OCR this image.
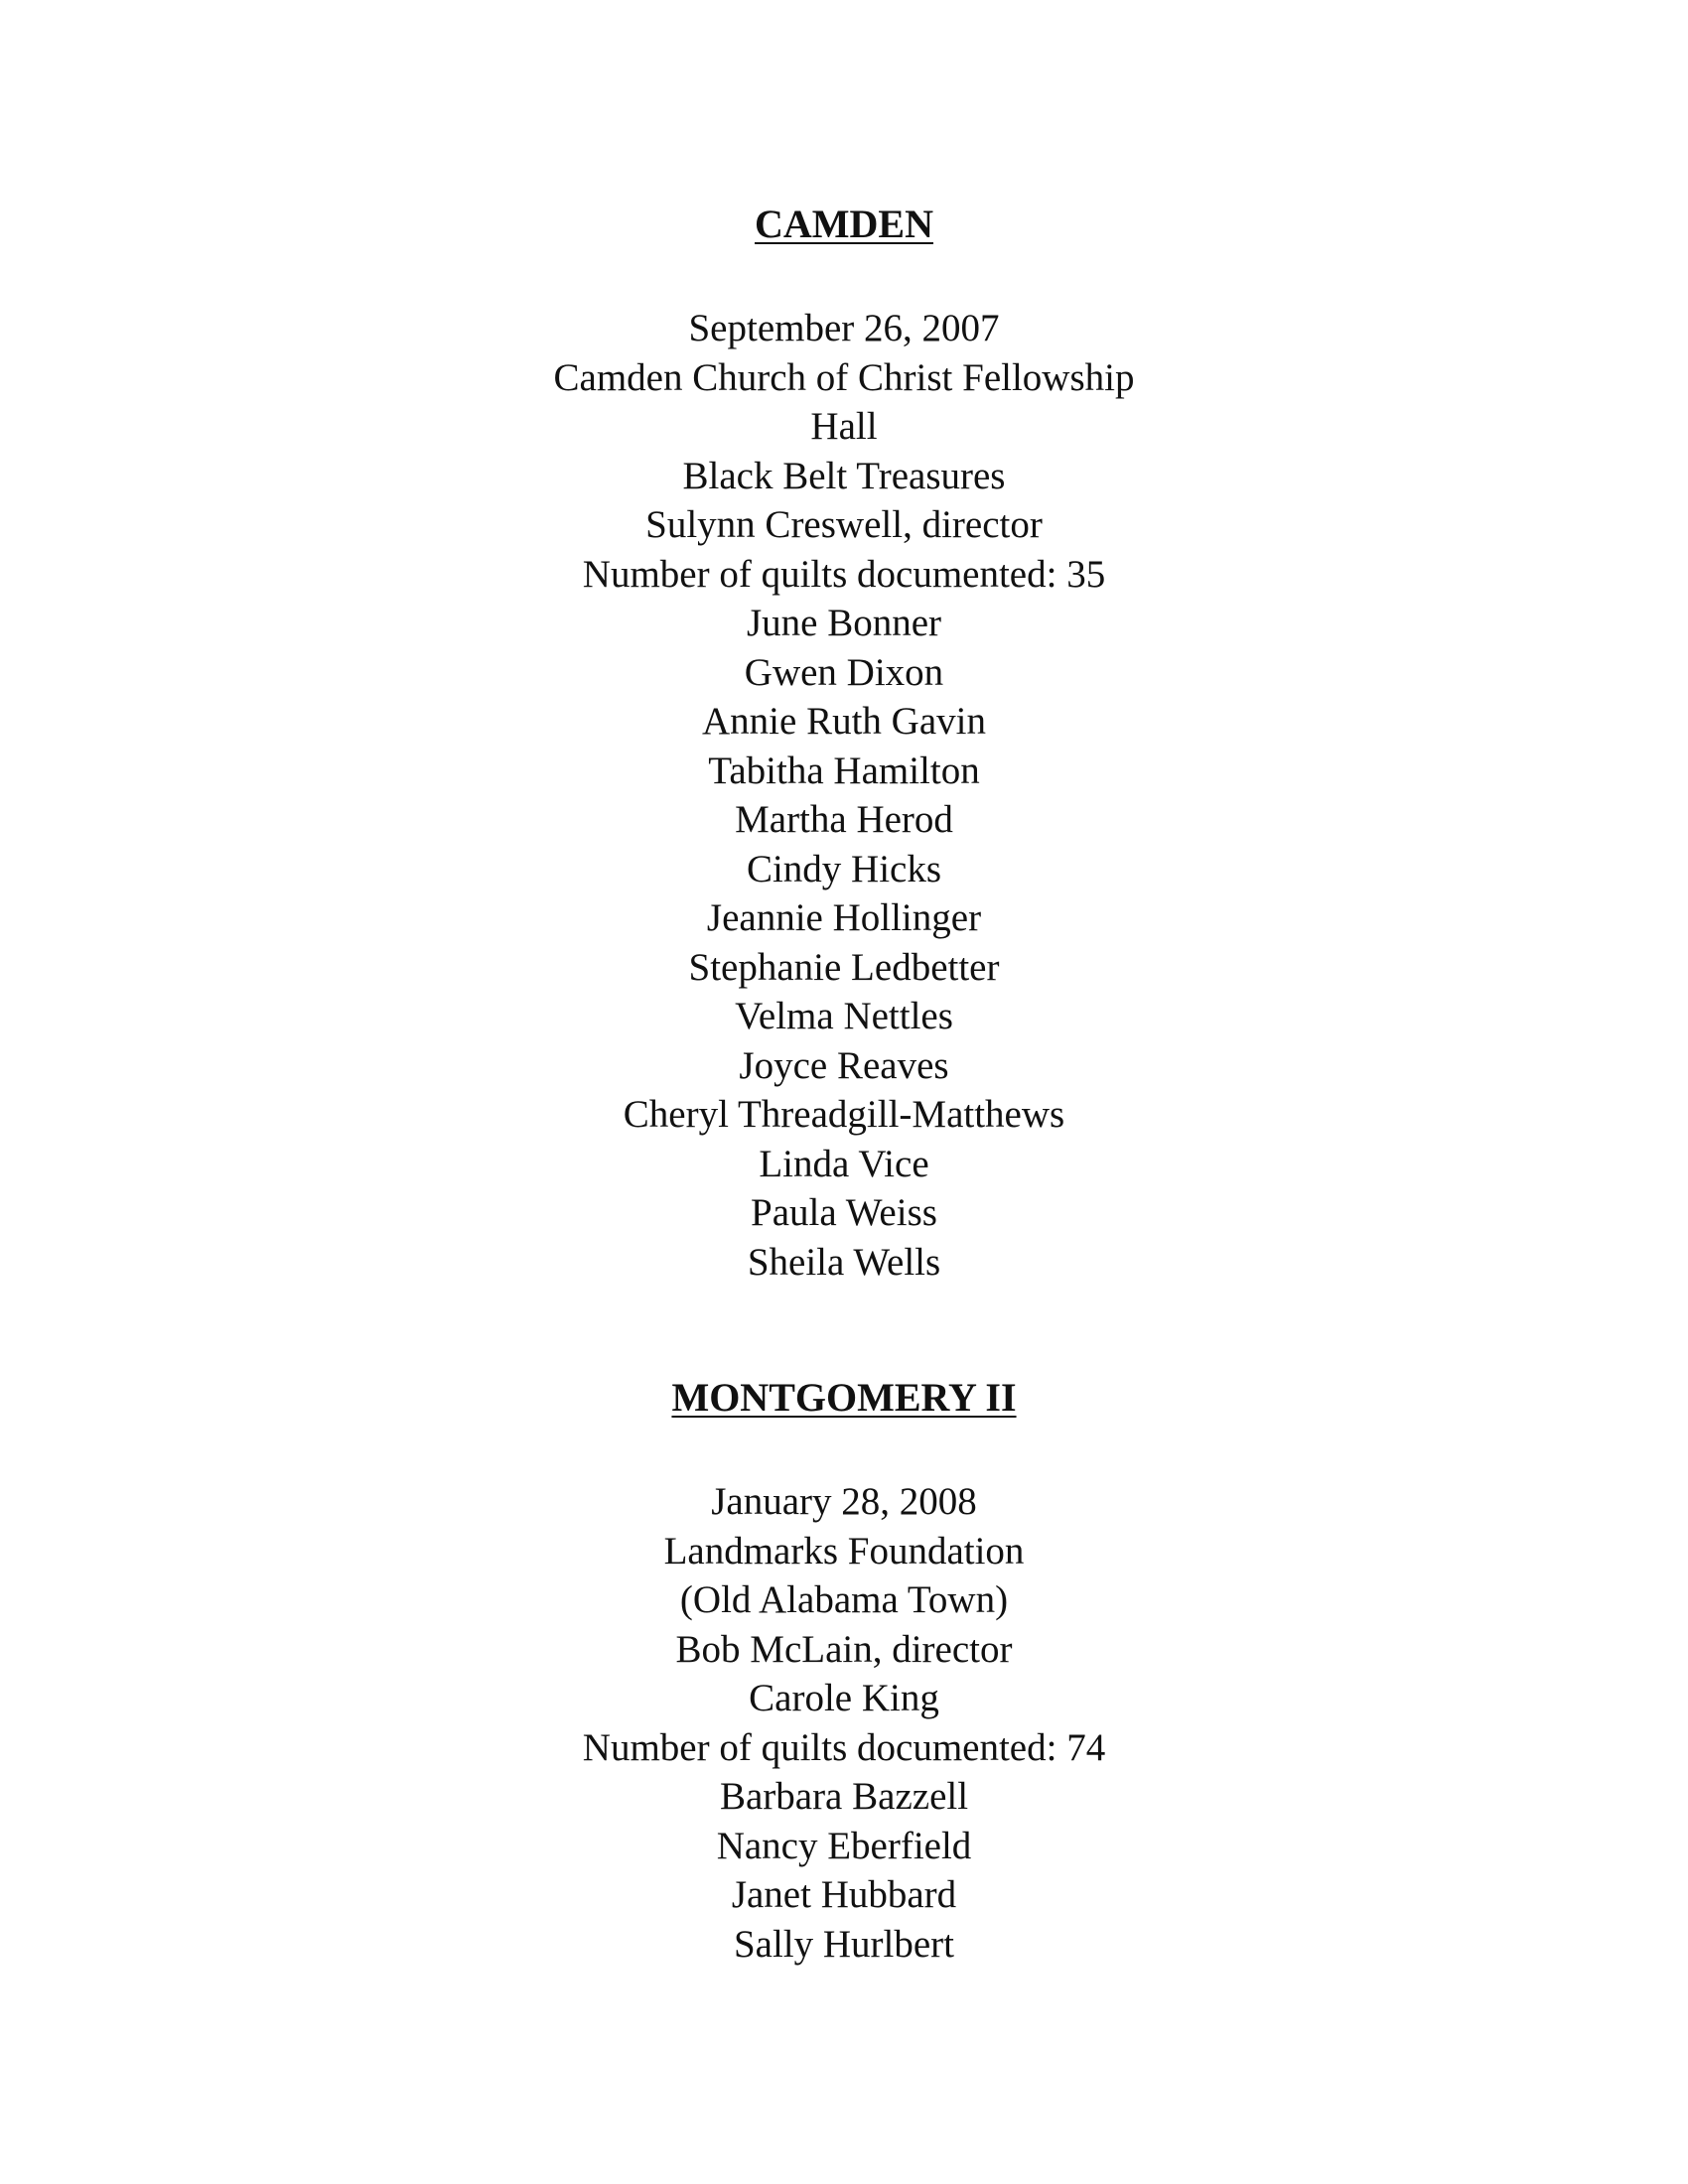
CAMDEN
September 26, 2007
Camden Church of Christ Fellowship
Hall
Black Belt Treasures
Sulynn Creswell, director
Number of quilts documented: 35
June Bonner
Gwen Dixon
Annie Ruth Gavin
Tabitha Hamilton
Martha Herod
Cindy Hicks
Jeannie Hollinger
Stephanie Ledbetter
Velma Nettles
Joyce Reaves
Cheryl Threadgill-Matthews
Linda Vice
Paula Weiss
Sheila Wells
MONTGOMERY II
January 28, 2008
Landmarks Foundation
(Old Alabama Town)
Bob McLain, director
Carole King
Number of quilts documented: 74
Barbara Bazzell
Nancy Eberfield
Janet Hubbard
Sally Hurlbert
